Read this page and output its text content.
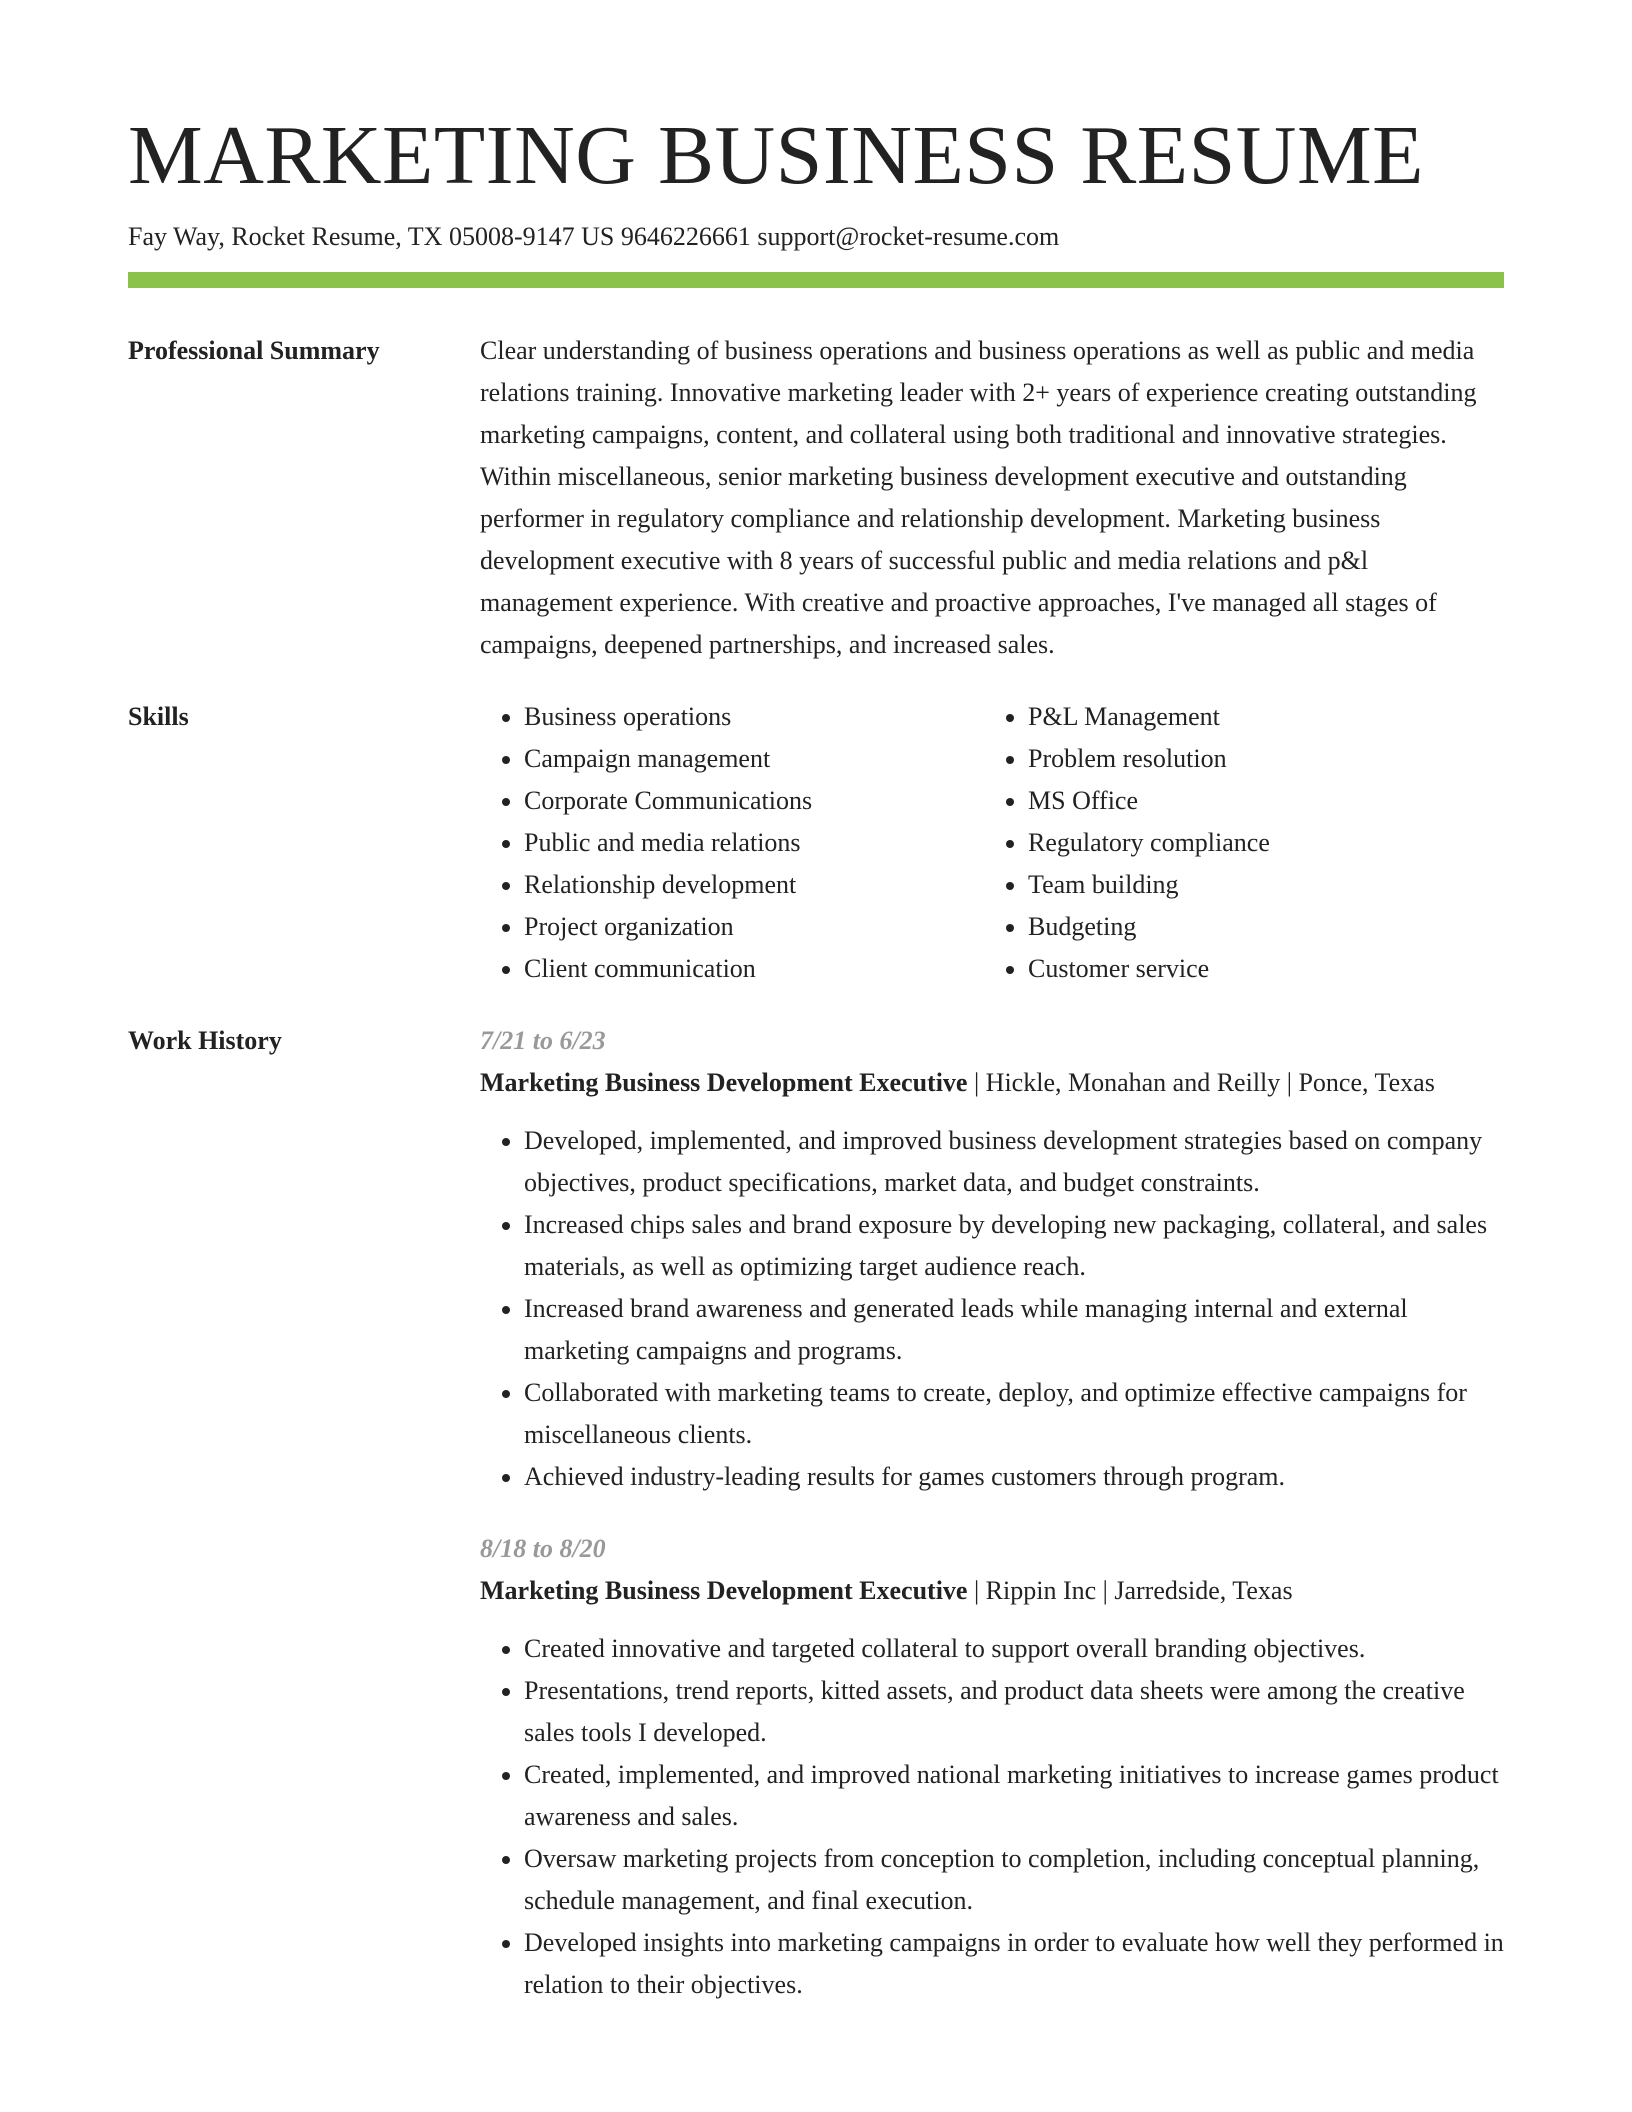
MARKETING BUSINESS RESUME
Fay Way, Rocket Resume, TX 05008-9147 US 9646226661 support@rocket-resume.com
Professional Summary	Clear understanding of business operations and business operations as well as public and media relations training. Innovative marketing leader with 2+ years of experience creating outstanding marketing campaigns, content, and collateral using both traditional and innovative strategies. Within miscellaneous, senior marketing business development executive and outstanding performer in regulatory compliance and relationship development. Marketing business development executive with 8 years of successful public and media relations and p&l management experience. With creative and proactive approaches, I've managed all stages of campaigns, deepened partnerships, and increased sales.

Skills
•	Business operations
• Campaign management
• Corporate Communications
• Public and media relations
• Relationship development
• Project organization
• Client communication
• P&L Management
• Problem resolution
• MS Office
• Regulatory compliance
• Team building
• Budgeting
• Customer service
Work History	7/21 to 6/23
Marketing Business Development Executive | Hickle, Monahan and Reilly | Ponce, Texas
• Developed, implemented, and improved business development strategies based on company objectives, product specifications, market data, and budget constraints.
• Increased chips sales and brand exposure by developing new packaging, collateral, and sales materials, as well as optimizing target audience reach.
• Increased brand awareness and generated leads while managing internal and external marketing campaigns and programs.
• Collaborated with marketing teams to create, deploy, and optimize effective campaigns for miscellaneous clients.
• Achieved industry-leading results for games customers through program.
8/18 to 8/20
Marketing Business Development Executive | Rippin Inc | Jarredside, Texas
• Created innovative and targeted collateral to support overall branding objectives.
• Presentations, trend reports, kitted assets, and product data sheets were among the creative sales tools I developed.
• Created, implemented, and improved national marketing initiatives to increase games product awareness and sales.
• Oversaw marketing projects from conception to completion, including conceptual planning, schedule management, and final execution.
• Developed insights into marketing campaigns in order to evaluate how well they performed in relation to their objectives.
